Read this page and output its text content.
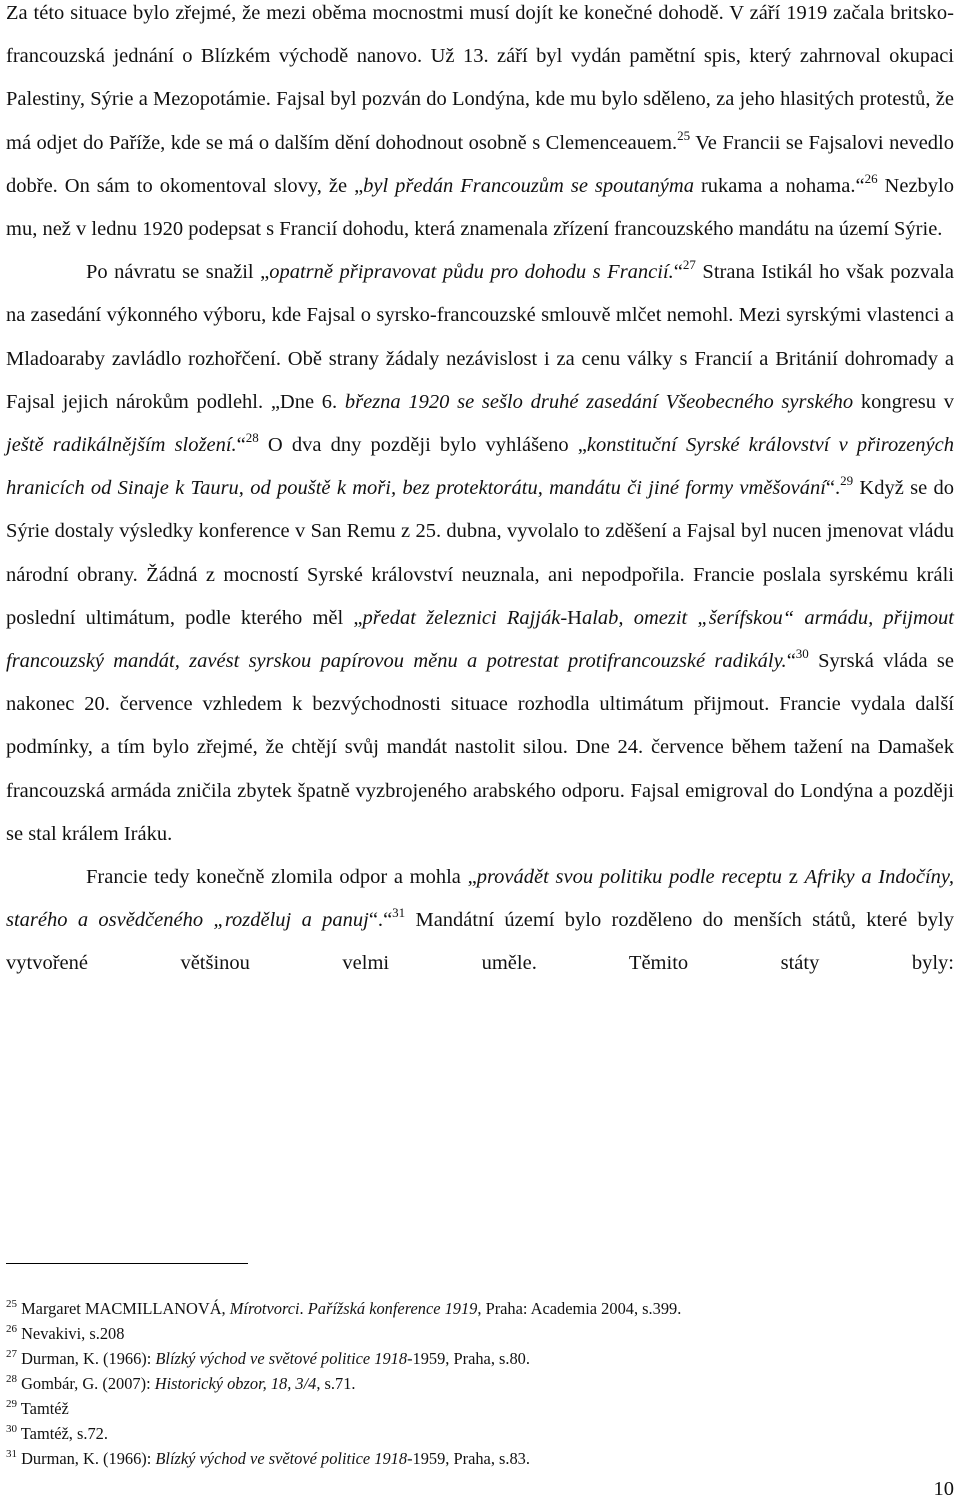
Za této situace bylo zřejmé, že mezi oběma mocnostmi musí dojít ke konečné dohodě. V září 1919 začala britsko-francouzská jednání o Blízkém východě nanovo. Už 13. září byl vydán pamětní spis, který zahrnoval okupaci Palestiny, Sýrie a Mezopotámie. Fajsal byl pozván do Londýna, kde mu bylo sděleno, za jeho hlasitých protestů, že má odjet do Paříže, kde se má o dalším dění dohodnout osobně s Clemenceauem.$^{25}$ Ve Francii se Fajsalovi nevedlo dobře. On sám to okomentoval slovy, že „byl předán Francouzům se spoutanýma rukama a nohama.“$^{26}$ Nezbylo mu, než v lednu 1920 podepsat s Francií dohodu, která znamenala zřízení francouzského mandátu na území Sýrie.

Po návratu se snažil „opatrně připravovat půdu pro dohodu s Francií.“$^{27}$ Strana Istikál ho však pozvala na zasedání výkonného výboru, kde Fajsal o syrsko-francouzské smlouvě mlčet nemohl. Mezi syrskými vlastenci a Mladoaraby zavládlo rozhořčení. Obě strany žádaly nezávislost i za cenu války s Francií a Británií dohromady a Fajsal jejich nárokům podlehl. „Dne 6. března 1920 se sešlo druhé zasedání Všeobecného syrského kongresu v ještě radikálnějším složení.“$^{28}$ O dva dny později bylo vyhlášeno „konstituční Syrské království v přirozených hranicích od Sinaje k Tauru, od pouště k moři, bez protektorátu, mandátu či jiné formy vměšování“.$^{29}$ Když se do Sýrie dostaly výsledky konference v San Remu z 25. dubna, vyvolalo to zděšení a Fajsal byl nucen jmenovat vládu národní obrany. Žádná z mocností Syrské království neuznala, ani nepodpořila. Francie poslala syrskému králi poslední ultimátum, podle kterého měl „předat železnici Rajják-Halab, omezit „šerífskou“ armádu, přijmout francouzský mandát, zavést syrskou papírovou měnu a potrestat protifrancouzské radikály.“$^{30}$ Syrská vláda se nakonec 20. července vzhledem k bezvýchodnosti situace rozhodla ultimátum přijmout. Francie vydala další podmínky, a tím bylo zřejmé, že chtějí svůj mandát nastolit silou. Dne 24. července během tažení na Damašek francouzská armáda zničila zbytek špatně vyzbrojeného arabského odporu. Fajsal emigroval do Londýna a později se stal králem Iráku.

Francie tedy konečně zlomila odpor a mohla „provádět svou politiku podle receptu z Afriky a Indočíny, starého a osvědčeného „rozděluj a panuj“.“$^{31}$ Mandátní území bylo rozděleno do menších států, které byly vytvořené většinou velmi uměle. Těmito státy byly:

$^{25}$ Margaret MACMILLANOVÁ, Mírotvorci. Pařížská konference 1919, Praha: Academia 2004, s.399.
$^{26}$ Nevakivi, s.208
$^{27}$ Durman, K. (1966): Blízký východ ve světové politice 1918-1959, Praha, s.80.
$^{28}$ Gombár, G. (2007): Historický obzor, 18, 3/4, s.71.
$^{29}$ Tamtéž
$^{30}$ Tamtéž, s.72.
$^{31}$ Durman, K. (1966): Blízký východ ve světové politice 1918-1959, Praha, s.83.
10
